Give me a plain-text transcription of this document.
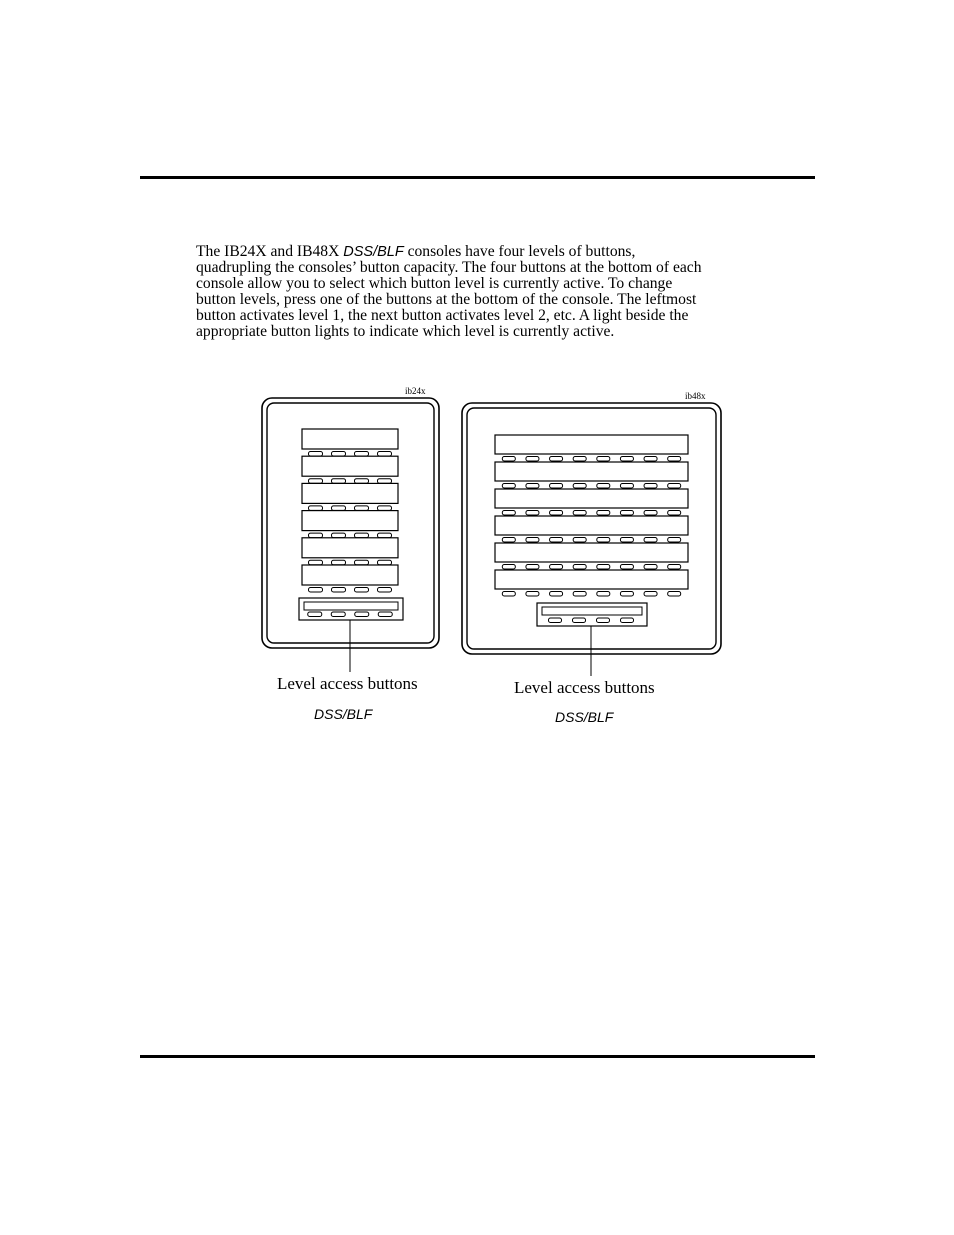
The IB24X and IB48X DSS/BLF consoles have four levels of buttons,
quadrupling the consoles’ button capacity. The four buttons at the bottom of each
console allow you to select which button level is currently active. To change
button levels, press one of the buttons at the bottom of the console. The leftmost
button activates level 1, the next button activates level 2, etc. A light beside the
appropriate button lights to indicate which level is currently active.

ib24x	ib48x
Level access buttons
DSS/BLF
Level access buttons
DSS/BLF
